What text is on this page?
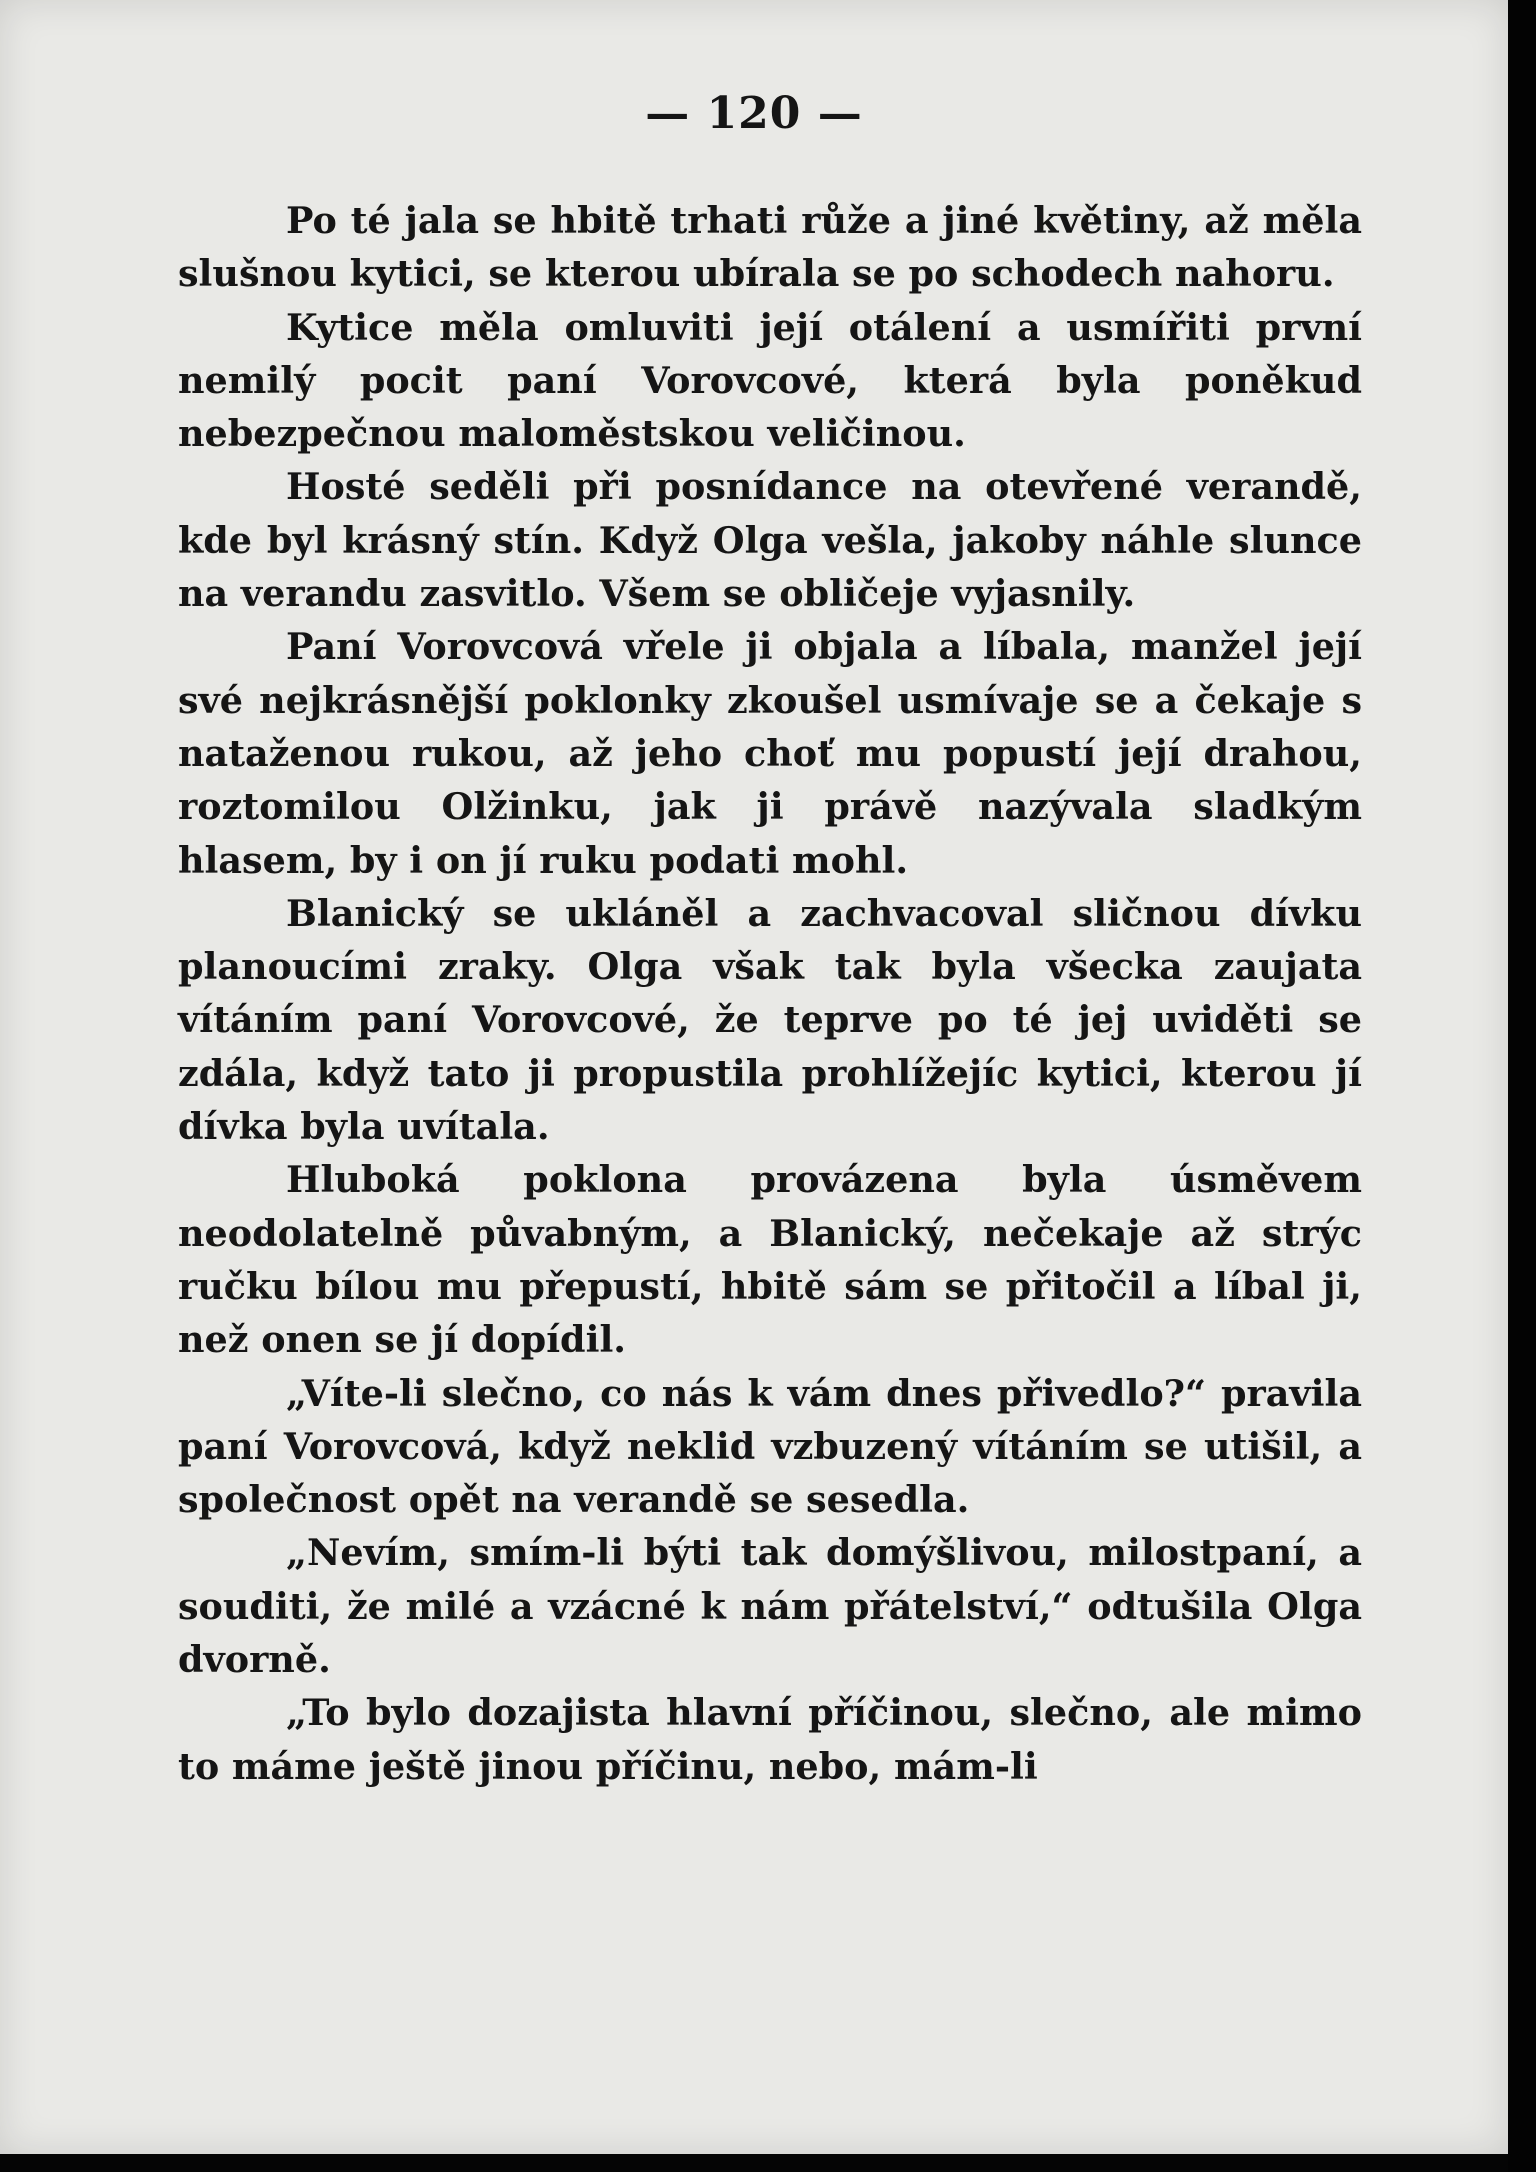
— 120 —

Po té jala se hbitě trhati růže a jiné květiny, až měla slušnou kytici, se kterou ubírala se po schodech nahoru.

Kytice měla omluviti její otálení a usmířiti první nemilý pocit paní Vorovcové, která byla poněkud nebezpečnou maloměstskou veličinou.

Hosté seděli při posnídance na otevřené verandě, kde byl krásný stín. Když Olga vešla, jakoby náhle slunce na verandu zasvitlo. Všem se obličeje vyjasnily.

Paní Vorovcová vřele ji objala a líbala, manžel její své nejkrásnější poklonky zkoušel usmívaje se a čekaje s nataženou rukou, až jeho choť mu popustí její drahou, roztomilou Olžinku, jak ji právě nazývala sladkým hlasem, by i on jí ruku podati mohl.

Blanický se ukláněl a zachvacoval sličnou dívku planoucími zraky. Olga však tak byla všecka zaujata vítáním paní Vorovcové, že teprve po té jej uviděti se zdála, když tato ji propustila prohlížejíc kytici, kterou jí dívka byla uvítala.

Hluboká poklona provázena byla úsměvem neodolatelně půvabným, a Blanický, nečekaje až strýc ručku bílou mu přepustí, hbitě sám se přitočil a líbal ji, než onen se jí dopídil.

„Víte-li slečno, co nás k vám dnes přivedlo?“ pravila paní Vorovcová, když neklid vzbuzený vítáním se utišil, a společnost opět na verandě se sesedla.

„Nevím, smím-li býti tak domýšlivou, milostpaní, a souditi, že milé a vzácné k nám přátelství,“ odtušila Olga dvorně.

„To bylo dozajista hlavní příčinou, slečno, ale mimo to máme ještě jinou příčinu, nebo, mám-li
